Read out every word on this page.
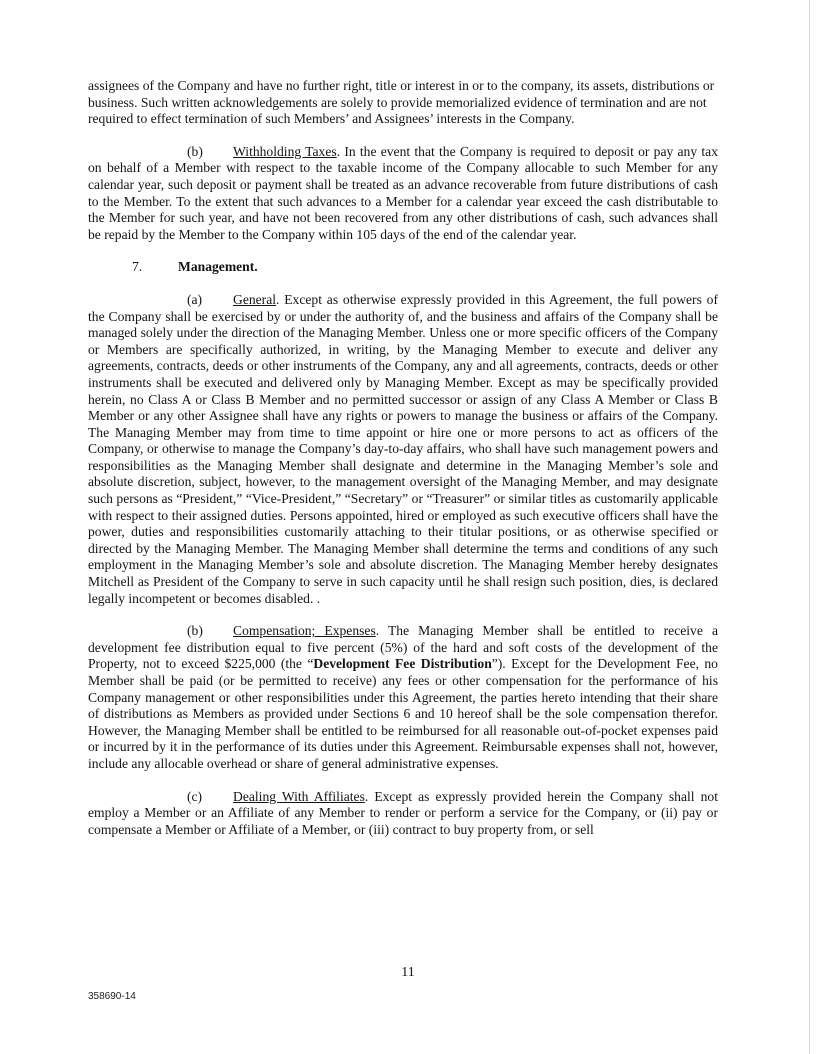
assignees of the Company and have no further right, title or interest in or to the company, its assets, distributions or business. Such written acknowledgements are solely to provide memorialized evidence of termination and are not required to effect termination of such Members’ and Assignees’ interests in the Company.

(b) Withholding Taxes. In the event that the Company is required to deposit or pay any tax on behalf of a Member with respect to the taxable income of the Company allocable to such Member for any calendar year, such deposit or payment shall be treated as an advance recoverable from future distributions of cash to the Member. To the extent that such advances to a Member for a calendar year exceed the cash distributable to the Member for such year, and have not been recovered from any other distributions of cash, such advances shall be repaid by the Member to the Company within 105 days of the end of the calendar year.

7.	Management.

(a) General. Except as otherwise expressly provided in this Agreement, the full powers of the Company shall be exercised by or under the authority of, and the business and affairs of the Company shall be managed solely under the direction of the Managing Member. Unless one or more specific officers of the Company or Members are specifically authorized, in writing, by the Managing Member to execute and deliver any agreements, contracts, deeds or other instruments of the Company, any and all agreements, contracts, deeds or other instruments shall be executed and delivered only by Managing Member. Except as may be specifically provided herein, no Class A or Class B Member and no permitted successor or assign of any Class A Member or Class B Member or any other Assignee shall have any rights or powers to manage the business or affairs of the Company. The Managing Member may from time to time appoint or hire one or more persons to act as officers of the Company, or otherwise to manage the Company’s day-to-day affairs, who shall have such management powers and responsibilities as the Managing Member shall designate and determine in the Managing Member’s sole and absolute discretion, subject, however, to the management oversight of the Managing Member, and may designate such persons as “President,” “Vice-President,” “Secretary” or “Treasurer” or similar titles as customarily applicable with respect to their assigned duties. Persons appointed, hired or employed as such executive officers shall have the power, duties and responsibilities customarily attaching to their titular positions, or as otherwise specified or directed by the Managing Member. The Managing Member shall determine the terms and conditions of any such employment in the Managing Member’s sole and absolute discretion. The Managing Member hereby designates Mitchell as President of the Company to serve in such capacity until he shall resign such position, dies, is declared legally incompetent or becomes disabled. .

(b) Compensation; Expenses. The Managing Member shall be entitled to receive a development fee distribution equal to five percent (5%) of the hard and soft costs of the development of the Property, not to exceed $225,000 (the “Development Fee Distribution”). Except for the Development Fee, no Member shall be paid (or be permitted to receive) any fees or other compensation for the performance of his Company management or other responsibilities under this Agreement, the parties hereto intending that their share of distributions as Members as provided under Sections 6 and 10 hereof shall be the sole compensation therefor. However, the Managing Member shall be entitled to be reimbursed for all reasonable out-of-pocket expenses paid or incurred by it in the performance of its duties under this Agreement. Reimbursable expenses shall not, however, include any allocable overhead or share of general administrative expenses.

(c) Dealing With Affiliates. Except as expressly provided herein the Company shall not employ a Member or an Affiliate of any Member to render or perform a service for the Company, or (ii) pay or compensate a Member or Affiliate of a Member, or (iii) contract to buy property from, or sell

11
358690-14
